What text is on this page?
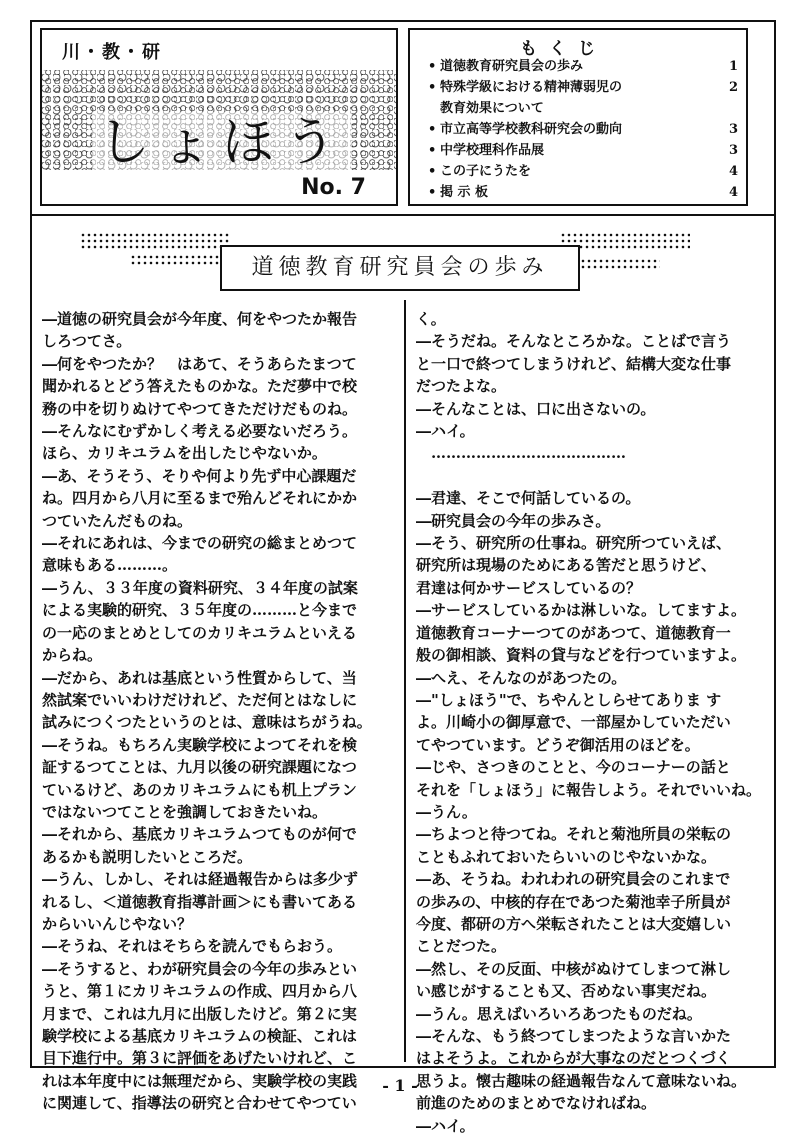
川・教・研
しょほう
No. 7
もくじ
• 道徳教育研究員会の歩み	1
• 特殊学級における精神薄弱児の
教育効果について
2
• 市立高等学校教科研究会の動向	3
• 中学校理科作品展	3
• この子にうたを	4
• 掲 示 板	4
道徳教育研究員会の歩み
―道徳の研究員会が今年度、何をやつたか報告
しろつてさ。
―何をやつたか？　はあて、そうあらたまつて
聞かれるとどう答えたものかな。ただ夢中で校
務の中を切りぬけてやつてきただけだものね。
―そんなにむずかしく考える必要ないだろう。
ほら、カリキユラムを出したじやないか。
―あ、そうそう、そりや何より先ず中心課題だ
ね。四月から八月に至るまで殆んどそれにかか
つていたんだものね。
―それにあれは、今までの研究の総まとめつて
意味もある………。
―うん、３３年度の資料研究、３４年度の試案
による実験的研究、３５年度の………と今まで
の一応のまとめとしてのカリキユラムといえる
からね。
―だから、あれは基底という性質からして、当
然試案でいいわけだけれど、ただ何とはなしに
試みにつくつたというのとは、意味はちがうね。
―そうね。もちろん実験学校によつてそれを検
証するつてことは、九月以後の研究課題になつ
ているけど、あのカリキユラムにも机上プラン
ではないつてことを強調しておきたいね。
―それから、基底カリキユラムつてものが何で
あるかも説明したいところだ。
―うん、しかし、それは経過報告からは多少ず
れるし、＜道徳教育指導計画＞にも書いてある
からいいんじやない？
―そうね、それはそちらを読んでもらおう。
―そうすると、わが研究員会の今年の歩みとい
うと、第１にカリキユラムの作成、四月から八
月まで、これは九月に出版したけど。第２に実
験学校による基底カリキユラムの検証、これは
目下進行中。第３に評価をあげたいけれど、こ
れは本年度中には無理だから、実験学校の実践
に関連して、指導法の研究と合わせてやつてい
く。
―そうだね。そんなところかな。ことばで言う
と一口で終つてしまうけれど、結構大変な仕事
だつたよな。
―そんなことは、口に出さないの。
―ハイ。
　…………………………………

―君達、そこで何話しているの。
―研究員会の今年の歩みさ。
―そう、研究所の仕事ね。研究所つていえば、
研究所は現場のためにある筈だと思うけど、
君達は何かサービスしているの？
―サービスしているかは淋しいな。してますよ。
道徳教育コーナーつてのがあつて、道徳教育一
般の御相談、資料の貸与などを行つていますよ。
―へえ、そんなのがあつたの。
―"しょほう"で、ちやんとしらせてありま す
よ。川崎小の御厚意で、一部屋かしていただい
てやつています。どうぞ御活用のほどを。
―じや、さつきのことと、今のコーナーの話と
それを「しょほう」に報告しよう。それでいいね。
―うん。
―ちよつと待つてね。それと菊池所員の栄転の
こともふれておいたらいいのじやないかな。
―あ、そうね。われわれの研究員会のこれまで
の歩みの、中核的存在であつた菊池幸子所員が
今度、都研の方へ栄転されたことは大変嬉しい
ことだつた。
―然し、その反面、中核がぬけてしまつて淋し
い感じがすることも又、否めない事実だね。
―うん。思えばいろいろあつたものだね。
―そんな、もう終つてしまつたような言いかた
はよそうよ。これからが大事なのだとつくづく
思うよ。懐古趣味の経過報告なんて意味ないね。
前進のためのまとめでなければね。
―ハイ。
- 1 -
